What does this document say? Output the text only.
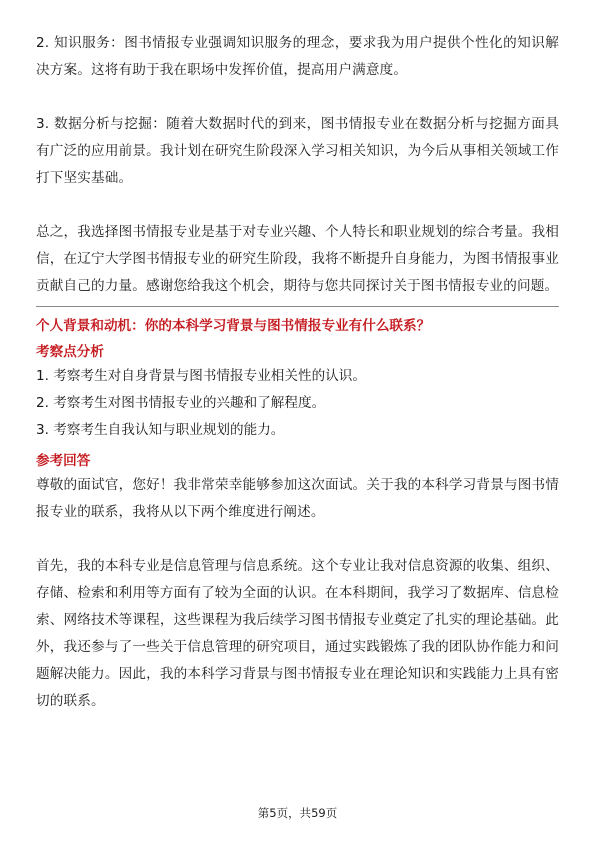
2. 知识服务：图书情报专业强调知识服务的理念，要求我为用户提供个性化的知识解决方案。这将有助于我在职场中发挥价值，提高用户满意度。

3. 数据分析与挖掘：随着大数据时代的到来，图书情报专业在数据分析与挖掘方面具有广泛的应用前景。我计划在研究生阶段深入学习相关知识，为今后从事相关领域工作打下坚实基础。

总之，我选择图书情报专业是基于对专业兴趣、个人特长和职业规划的综合考量。我相信，在辽宁大学图书情报专业的研究生阶段，我将不断提升自身能力，为图书情报事业贡献自己的力量。感谢您给我这个机会，期待与您共同探讨关于图书情报专业的问题。

个人背景和动机：你的本科学习背景与图书情报专业有什么联系？
考察点分析
1. 考察考生对自身背景与图书情报专业相关性的认识。
2. 考察考生对图书情报专业的兴趣和了解程度。
3. 考察考生自我认知与职业规划的能力。
参考回答

尊敬的面试官，您好！我非常荣幸能够参加这次面试。关于我的本科学习背景与图书情报专业的联系，我将从以下两个维度进行阐述。

首先，我的本科专业是信息管理与信息系统。这个专业让我对信息资源的收集、组织、存储、检索和利用等方面有了较为全面的认识。在本科期间，我学习了数据库、信息检索、网络技术等课程，这些课程为我后续学习图书情报专业奠定了扎实的理论基础。此外，我还参与了一些关于信息管理的研究项目，通过实践锻炼了我的团队协作能力和问题解决能力。因此，我的本科学习背景与图书情报专业在理论知识和实践能力上具有密切的联系。

第5页，共59页
